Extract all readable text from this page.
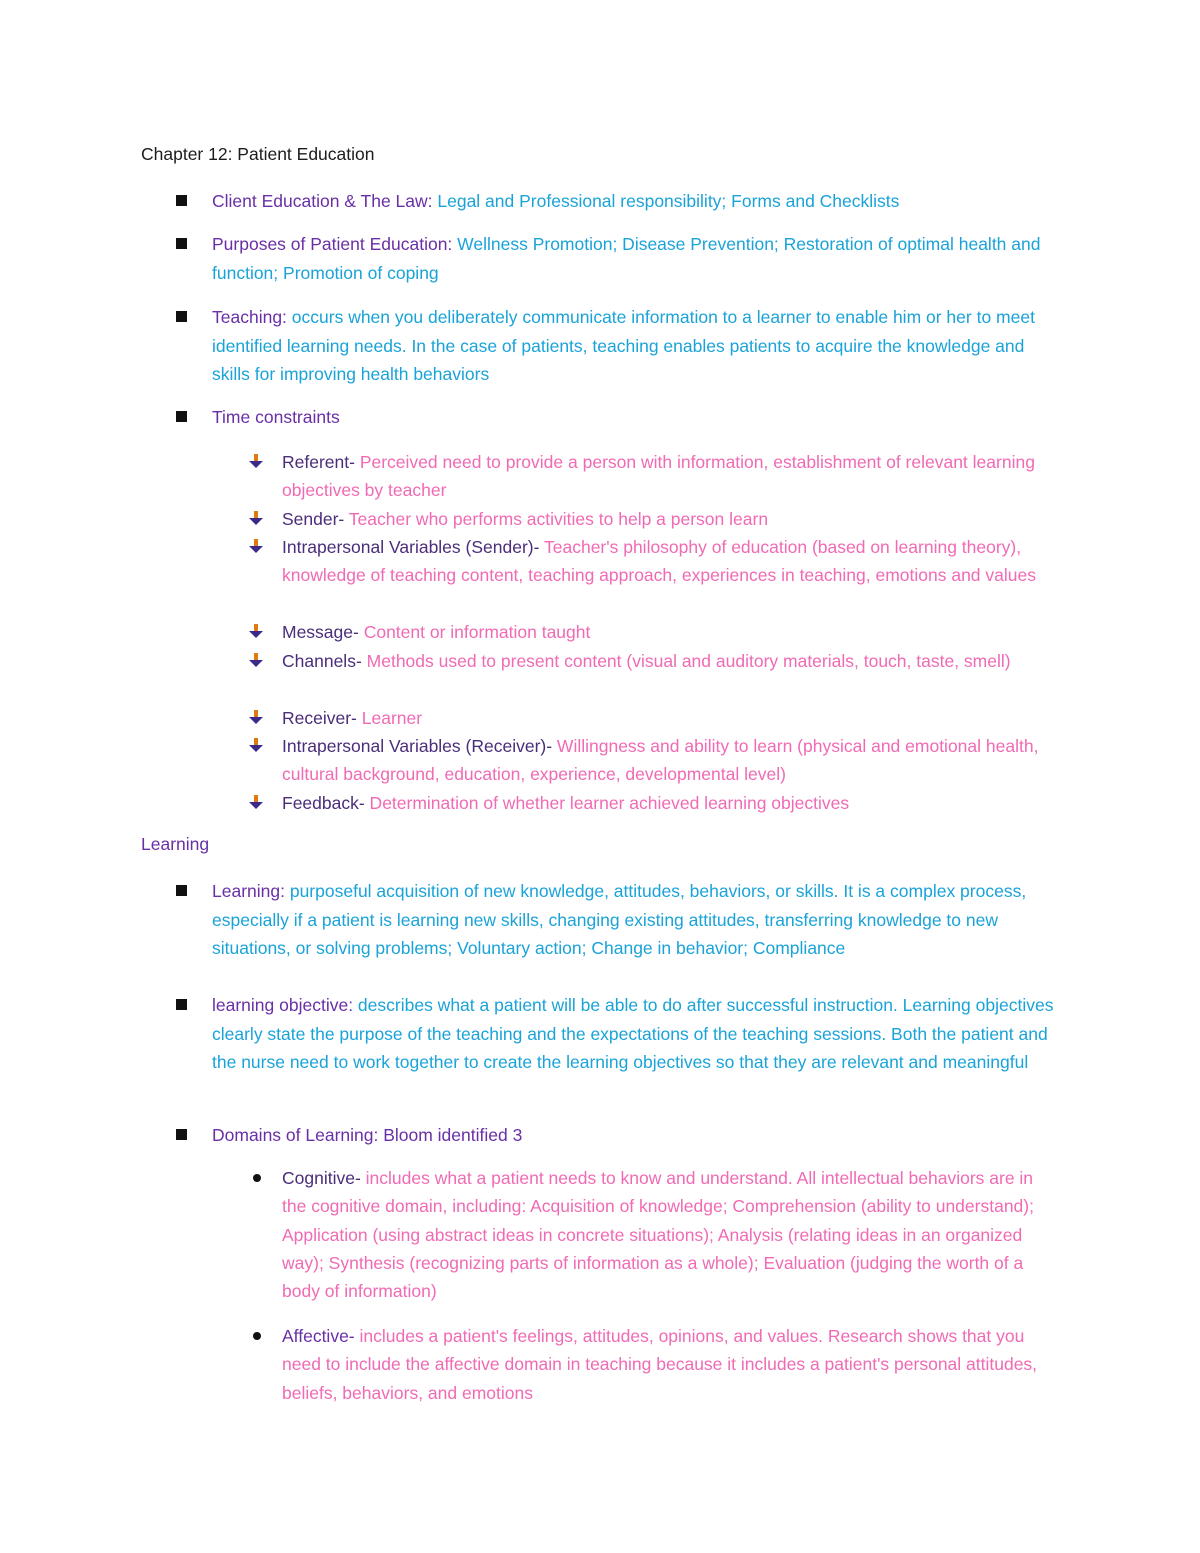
Chapter 12: Patient Education
Client Education & The Law: Legal and Professional responsibility; Forms and Checklists
Purposes of Patient Education: Wellness Promotion; Disease Prevention; Restoration of optimal health and function; Promotion of coping
Teaching: occurs when you deliberately communicate information to a learner to enable him or her to meet identified learning needs. In the case of patients, teaching enables patients to acquire the knowledge and skills for improving health behaviors
Time constraints
Referent- Perceived need to provide a person with information, establishment of relevant learning objectives by teacher
Sender- Teacher who performs activities to help a person learn
Intrapersonal Variables (Sender)- Teacher's philosophy of education (based on learning theory), knowledge of teaching content, teaching approach, experiences in teaching, emotions and values
Message- Content or information taught
Channels- Methods used to present content (visual and auditory materials, touch, taste, smell)
Receiver- Learner
Intrapersonal Variables (Receiver)- Willingness and ability to learn (physical and emotional health, cultural background, education, experience, developmental level)
Feedback- Determination of whether learner achieved learning objectives
Learning
Learning: purposeful acquisition of new knowledge, attitudes, behaviors, or skills. It is a complex process, especially if a patient is learning new skills, changing existing attitudes, transferring knowledge to new situations, or solving problems; Voluntary action; Change in behavior; Compliance
learning objective: describes what a patient will be able to do after successful instruction. Learning objectives clearly state the purpose of the teaching and the expectations of the teaching sessions. Both the patient and the nurse need to work together to create the learning objectives so that they are relevant and meaningful
Domains of Learning: Bloom identified 3
Cognitive- includes what a patient needs to know and understand. All intellectual behaviors are in the cognitive domain, including: Acquisition of knowledge; Comprehension (ability to understand); Application (using abstract ideas in concrete situations); Analysis (relating ideas in an organized way); Synthesis (recognizing parts of information as a whole); Evaluation (judging the worth of a body of information)
Affective- includes a patient's feelings, attitudes, opinions, and values. Research shows that you need to include the affective domain in teaching because it includes a patient's personal attitudes, beliefs, behaviors, and emotions
